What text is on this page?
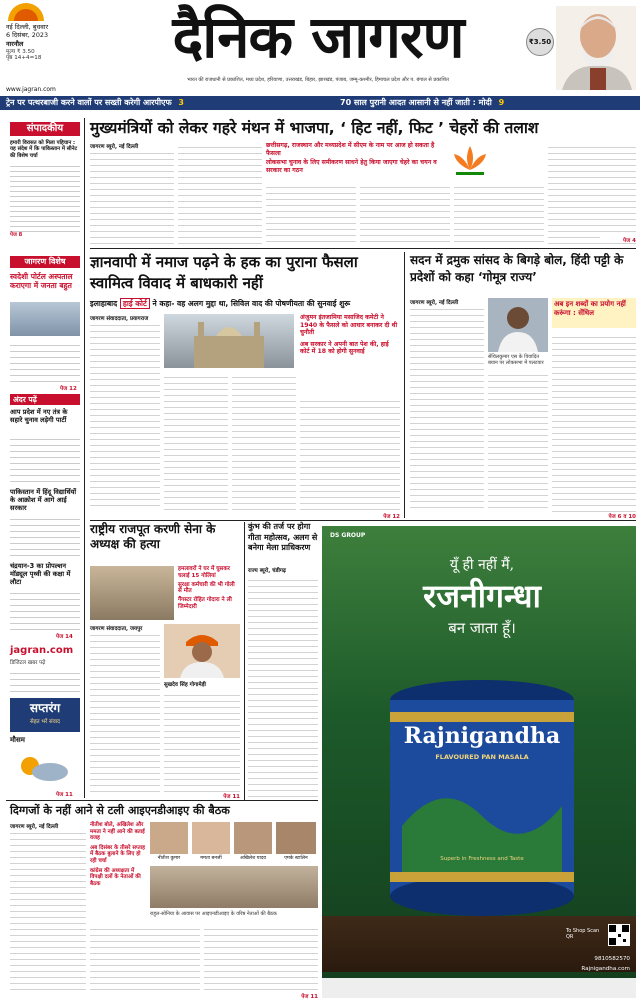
नई दिल्ली, बुधवार
6 दिसंबर, 2023
नारनौल
मूल्य ₹ 3.50
पृष्ठ 14+4=18
www.jagran.com
दैनिक जागरण
भारत की राजधानी से प्रकाशित, मध्य प्रदेश, हरियाणा, उत्तराखंड, बिहार, झारखंड, पंजाब, जम्मू-कश्मीर, हिमाचल प्रदेश और प. बंगाल से प्रकाशित
₹3.50
ट्रेन पर पत्थरबाजी करने वालों पर सख्ती करेगी आरपीएफ 3	70 साल पुरानी आदत आसानी से नहीं जाती : मोदी 9
संपादकीय
हमारी विरासत को मिला पहिचान : यह संदेश में कि पाकिस्तान में सीनेट की विशेष चर्चा
पेज 8
जागरण विशेष
स्वदेशी पोर्टल अस्पताल कराएगा में जनता बहुत
पेज 12
अंदर पढ़ें
आप प्रदेश में नए तंत्र के सहारे चुनाव लड़ेगी पार्टी
पाकिस्तान में हिंदू विद्यार्थियों के आक्रोश में आगे आई सरकार
चंद्रयान-3 का प्रोपल्शन मॉड्यूल पृथ्वी की कक्षा में लौटा
पेज 14
jagran.com
डिजिटल खबर पढ़ें
सप्तरंग
सेहत भरें संवाद
मौसम
पेज 11
मुख्यमंत्रियों को लेकर गहरे मंथन में भाजपा, ‘ हिट नहीं, फिट ’ चेहरों की तलाश
जागरण ब्यूरो, नई दिल्ली	छत्तीसगढ़, राजस्थान और मध्यप्रदेश में सीएम के नाम पर आज हो सकता है फैसला
लोकसभा चुनाव के लिए समीकरण साधने हेतु किया जाएगा चेहरे का चयन व सरकार का गठन
पेज 4
ज्ञानवापी में नमाज पढ़ने के हक का पुराना फैसला स्वामित्व विवाद में बाधकारी नहीं
इलाहाबाद हाई कोर्ट ने कहा- वह अलग मुद्दा था, सिविल वाद की पोषणीयता की सुनवाई शुरू
जागरण संवाददाता, प्रयागराज	अंजुमन इंतजामिया मसाजिद कमेटी ने 1940 के फैसले को आधार बनाकर दी थी चुनौती
अब सरकार ने अपनी बात पेश की, हाई कोर्ट में 18 को होगी सुनवाई
पेज 12
सदन में द्रमुक सांसद के बिगड़े बोल, हिंदी पट्टी के प्रदेशों को कहा ‘गोमूत्र राज्य’
जागरण ब्यूरो, नई दिल्ली
सेंथिलकुमार एस के विवादित बयान पर लोकसभा में पलटवार
अब इन शब्दों का प्रयोग नहीं करूंगा : सेंथिल
पेज 6 व 10
राष्ट्रीय राजपूत करणी सेना के अध्यक्ष की हत्या
हमलावरों ने घर में घुसकर चलाई 15 गोलियां
सुरक्षा कर्मचारी की भी गोली से मौत
गैंगस्टर रोहित गोदारा ने ली जिम्मेदारी
जागरण संवाददाता, जयपुर
सुखदेव सिंह गोगामेड़ी
पेज 11
कुंभ की तर्ज पर होगा गीता महोत्सव, अलग से बनेगा मेला प्राधिकरण
राज्य ब्यूरो, चंडीगढ़
DS GROUP
यूँ ही नहीं मैं,
रजनीगन्धा
बन जाता हूँ।
Rajnigandha
FLAVOURED PAN MASALA
Superb in Freshness and Taste
To Shop Scan QR
9810582570
Rajnigandha.com
दिग्गजों के नहीं आने से टली आइएनडीआइए की बैठक
जागरण ब्यूरो, नई दिल्ली	नीतीश बोले, अखिलेश और ममता ने नहीं आने की बताई वजह
अब दिसंबर के तीसरे सप्ताह में बैठक बुलाने के लिए हो रही चर्चा
कांग्रेस की अध्यक्षता में विपक्षी दलों के नेताओं की बैठक
नीतीश कुमार	ममता बनर्जी	अखिलेश यादव	एमके स्टालिन
राहुल-सोनिया के आवास पर आइएनडीआइए के वरिष्ठ नेताओं की बैठक
पेज 11
